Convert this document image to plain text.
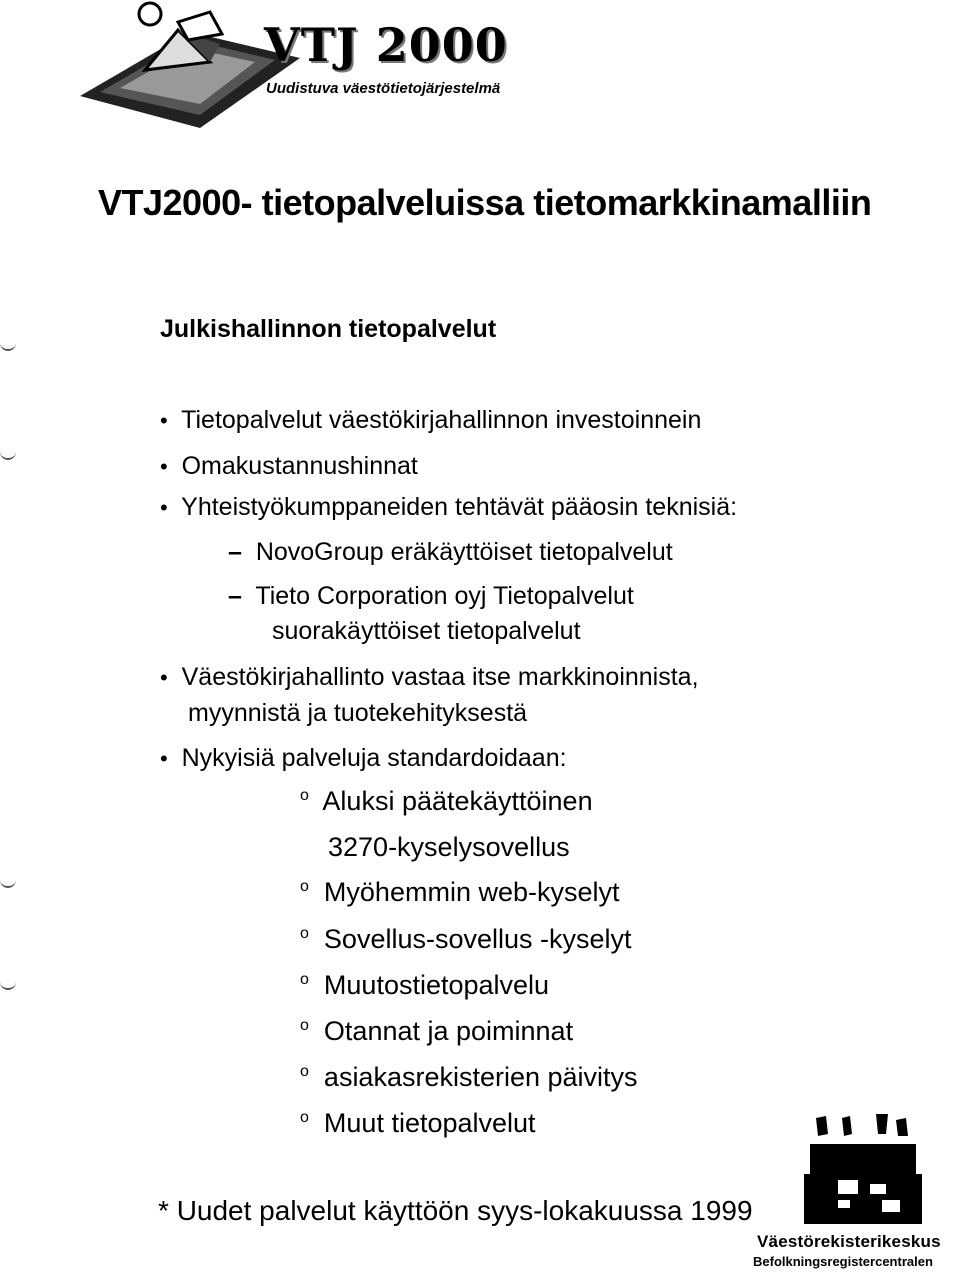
VTJ 2000
Uudistuva väestötietojärjestelmä
VTJ2000- tietopalveluissa tietomarkkinamalliin
Julkishallinnon tietopalvelut
• Tietopalvelut väestökirjahallinnon investoinnein
• Omakustannushinnat
• Yhteistyökumppaneiden tehtävät pääosin teknisiä:
– NovoGroup eräkäyttöiset tietopalvelut
– Tieto Corporation oyj Tietopalvelut
suorakäyttöiset tietopalvelut
• Väestökirjahallinto vastaa itse markkinoinnista,
myynnistä ja tuotekehityksestä
• Nykyisiä palveluja standardoidaan:
$^o$ Aluksi päätekäyttöinen
3270-kyselysovellus
$^o$ Myöhemmin web-kyselyt
$^o$ Sovellus-sovellus -kyselyt
$^o$ Muutostietopalvelu
$^o$ Otannat ja poiminnat
$^o$ asiakasrekisterien päivitys
$^o$ Muut tietopalvelut
* Uudet palvelut käyttöön syys-lokakuussa 1999
Väestörekisterikeskus
Befolkningsregistercentralen
